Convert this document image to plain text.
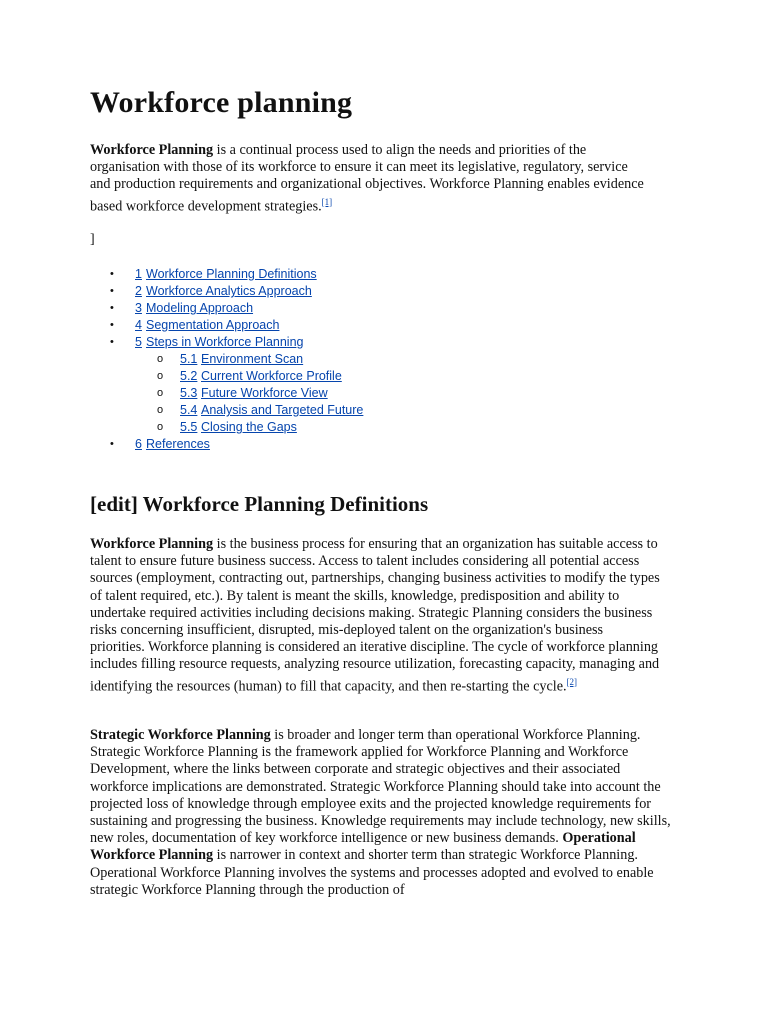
Workforce planning

Workforce Planning is a continual process used to align the needs and priorities of the organisation with those of its workforce to ensure it can meet its legislative, regulatory, service and production requirements and organizational objectives. Workforce Planning enables evidence based workforce development strategies.[1]

]

• 1 Workforce Planning Definitions
• 2 Workforce Analytics Approach
• 3 Modeling Approach
• 4 Segmentation Approach
• 5 Steps in Workforce Planning
o 5.1 Environment Scan
o 5.2 Current Workforce Profile
o 5.3 Future Workforce View
o 5.4 Analysis and Targeted Future
o 5.5 Closing the Gaps
• 6 References
[edit] Workforce Planning Definitions

Workforce Planning is the business process for ensuring that an organization has suitable access to talent to ensure future business success. Access to talent includes considering all potential access sources (employment, contracting out, partnerships, changing business activities to modify the types of talent required, etc.). By talent is meant the skills, knowledge, predisposition and ability to undertake required activities including decisions making. Strategic Planning considers the business risks concerning insufficient, disrupted, mis-deployed talent on the organization's business priorities. Workforce planning is considered an iterative discipline. The cycle of workforce planning includes filling resource requests, analyzing resource utilization, forecasting capacity, managing and identifying the resources (human) to fill that capacity, and then re-starting the cycle.[2]

Strategic Workforce Planning is broader and longer term than operational Workforce Planning. Strategic Workforce Planning is the framework applied for Workforce Planning and Workforce Development, where the links between corporate and strategic objectives and their associated workforce implications are demonstrated. Strategic Workforce Planning should take into account the projected loss of knowledge through employee exits and the projected knowledge requirements for sustaining and progressing the business. Knowledge requirements may include technology, new skills, new roles, documentation of key workforce intelligence or new business demands. Operational Workforce Planning is narrower in context and shorter term than strategic Workforce Planning. Operational Workforce Planning involves the systems and processes adopted and evolved to enable strategic Workforce Planning through the production of
